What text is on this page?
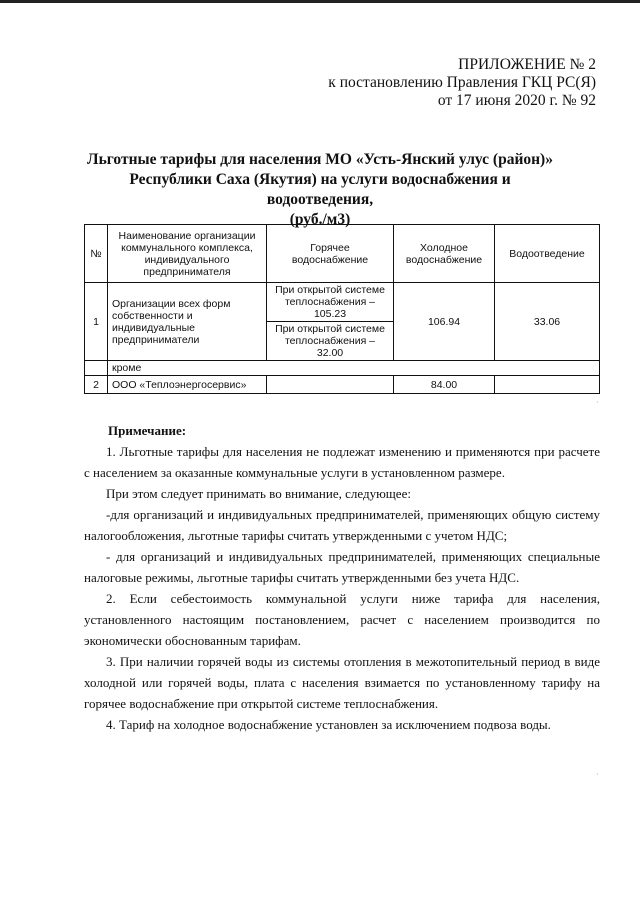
ПРИЛОЖЕНИЕ № 2
к постановлению Правления ГКЦ РС(Я)
от 17 июня 2020 г. № 92
Льготные тарифы для населения МО «Усть-Янский улус (район)»
Республики Саха (Якутия) на услуги водоснабжения и водоотведения,
(руб./м3)
№	Наименование организации коммунального комплекса, индивидуального предпринимателя	Горячее водоснабжение	Холодное водоснабжение	Водоотведение
1	Организации всех форм собственности и индивидуальные предприниматели	При открытой системе теплоснабжения – 105.23	106.94	33.06
		При открытой системе теплоснабжения – 32.00		
	кроме			
2	ООО «Теплоэнергосервис»		84.00	

Примечание:

1. Льготные тарифы для населения не подлежат изменению и применяются при расчете с населением за оказанные коммунальные услуги в установленном размере.

При этом следует принимать во внимание, следующее:

-для организаций и индивидуальных предпринимателей, применяющих общую систему налогообложения, льготные тарифы считать утвержденными с учетом НДС;

- для организаций и индивидуальных предпринимателей, применяющих специальные налоговые режимы, льготные тарифы считать утвержденными без учета НДС.

2. Если себестоимость коммунальной услуги ниже тарифа для населения, установленного настоящим постановлением, расчет с населением производится по экономически обоснованным тарифам.

3. При наличии горячей воды из системы отопления в межотопительный период в виде холодной или горячей воды, плата с населения взимается по установленному тарифу на горячее водоснабжение при открытой системе теплоснабжения.

4. Тариф на холодное водоснабжение установлен за исключением подвоза воды.

·
·
